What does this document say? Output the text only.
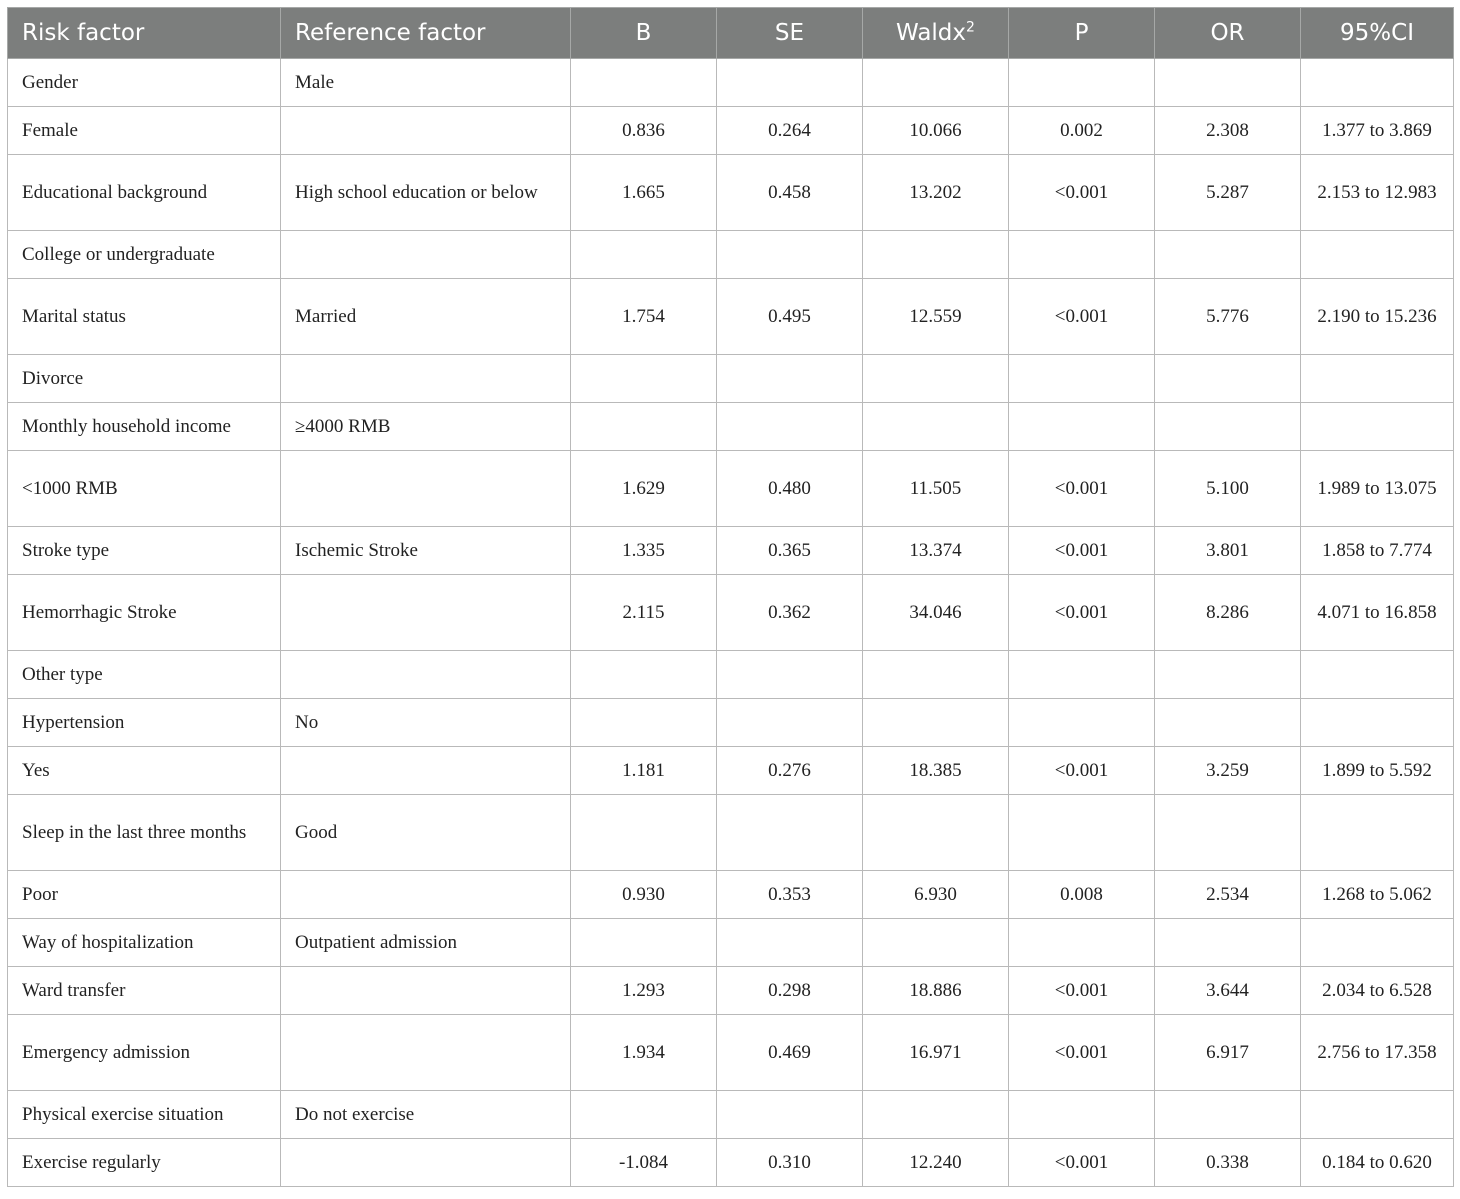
Risk factor	Reference factor	B	SE	Waldx$^2$	P	OR	95%CI
Gender	Male						
Female		0.836	0.264	10.066	0.002	2.308	1.377 to 3.869
Educational background	High school education or below	1.665	0.458	13.202	<0.001	5.287	2.153 to 12.983
College or undergraduate							
Marital status	Married	1.754	0.495	12.559	<0.001	5.776	2.190 to 15.236
Divorce							
Monthly household income	≥4000 RMB						
<1000 RMB		1.629	0.480	11.505	<0.001	5.100	1.989 to 13.075
Stroke type	Ischemic Stroke	1.335	0.365	13.374	<0.001	3.801	1.858 to 7.774
Hemorrhagic Stroke		2.115	0.362	34.046	<0.001	8.286	4.071 to 16.858
Other type							
Hypertension	No						
Yes		1.181	0.276	18.385	<0.001	3.259	1.899 to 5.592
Sleep in the last three months	Good						
Poor		0.930	0.353	6.930	0.008	2.534	1.268 to 5.062
Way of hospitalization	Outpatient admission						
Ward transfer		1.293	0.298	18.886	<0.001	3.644	2.034 to 6.528
Emergency admission		1.934	0.469	16.971	<0.001	6.917	2.756 to 17.358
Physical exercise situation	Do not exercise						
Exercise regularly		-1.084	0.310	12.240	<0.001	0.338	0.184 to 0.620
